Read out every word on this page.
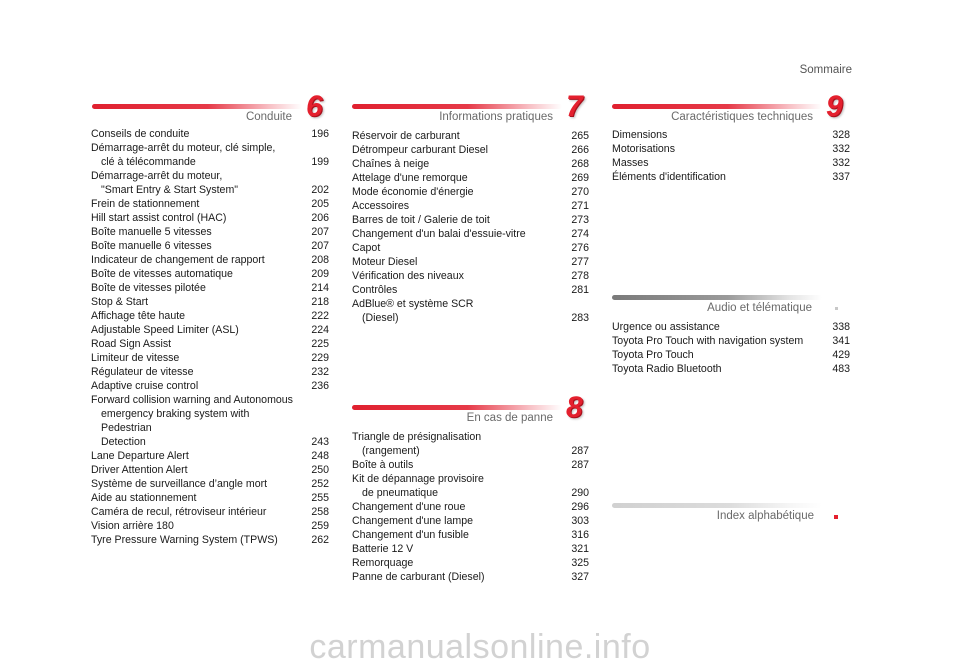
Sommaire
Conduite 6
Conseils de conduite	196
Démarrage-arrêt du moteur, clé simple,
clé à télécommande	199
Démarrage-arrêt du moteur,
"Smart Entry & Start System"	202
Frein de stationnement	205
Hill start assist control (HAC)	206
Boîte manuelle 5 vitesses	207
Boîte manuelle 6 vitesses	207
Indicateur de changement de rapport	208
Boîte de vitesses automatique	209
Boîte de vitesses pilotée	214
Stop & Start	218
Affichage tête haute	222
Adjustable Speed Limiter (ASL)	224
Road Sign Assist	225
Limiteur de vitesse	229
Régulateur de vitesse	232
Adaptive cruise control	236
Forward collision warning and Autonomous
emergency braking system with Pedestrian
Detection	243
Lane Departure Alert	248
Driver Attention Alert	250
Système de surveillance d’angle mort	252
Aide au stationnement	255
Caméra de recul, rétroviseur intérieur	258
Vision arrière 180	259
Tyre Pressure Warning System (TPWS)	262
Informations pratiques 7
Réservoir de carburant	265
Détrompeur carburant Diesel	266
Chaînes à neige	268
Attelage d'une remorque	269
Mode économie d'énergie	270
Accessoires	271
Barres de toit / Galerie de toit	273
Changement d'un balai d'essuie-vitre	274
Capot	276
Moteur Diesel	277
Vérification des niveaux	278
Contrôles	281
AdBlue® et système SCR
(Diesel)	283
En cas de panne 8
Triangle de présignalisation
(rangement)	287
Boîte à outils	287
Kit de dépannage provisoire
de pneumatique	290
Changement d'une roue	296
Changement d'une lampe	303
Changement d'un fusible	316
Batterie 12 V	321
Remorquage	325
Panne de carburant (Diesel)	327
Caractéristiques techniques 9
Dimensions	328
Motorisations	332
Masses	332
Éléments d'identification	337
Audio et télématique
Urgence ou assistance	338
Toyota Pro Touch with navigation system	341
Toyota Pro Touch	429
Toyota Radio Bluetooth	483
Index alphabétique
carmanualsonline.info
